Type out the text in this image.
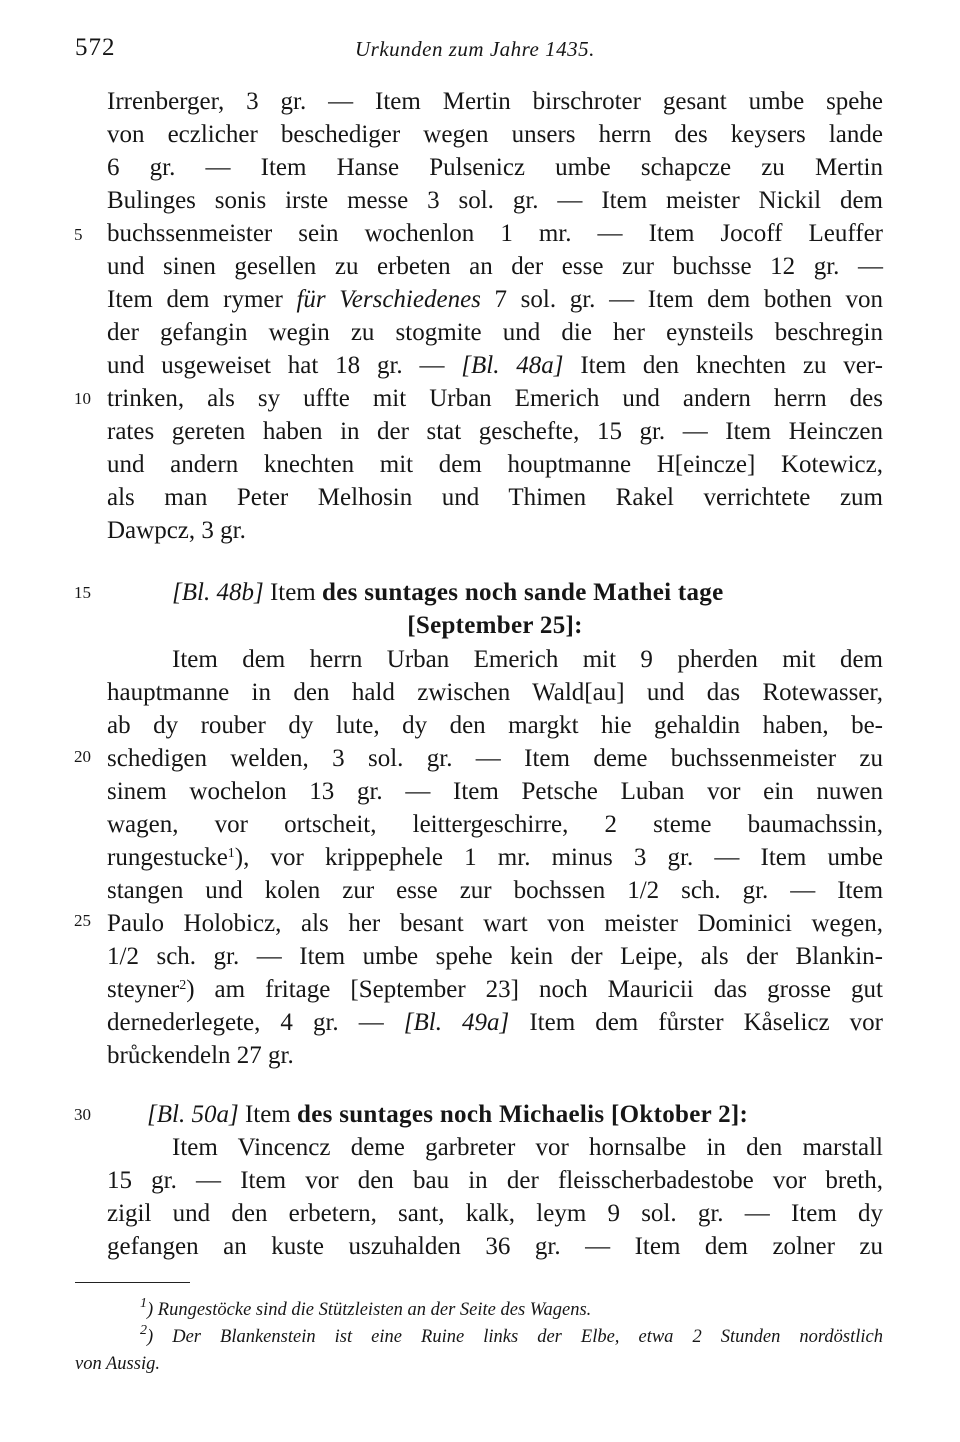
572	Urkunden zum Jahre 1435.
5
10
15
20
25
30
Irrenberger, 3 gr. — Item Mertin birschroter gesant umbe spehe
von eczlicher beschediger wegen unsers herrn des keysers lande
6 gr. — Item Hanse Pulsenicz umbe schapcze zu Mertin
Bulinges sonis irste messe 3 sol. gr. — Item meister Nickil dem
buchssenmeister sein wochenlon 1 mr. — Item Jocoff Leuffer
und sinen gesellen zu erbeten an der esse zur buchsse 12 gr. —
Item dem rymer für Verschiedenes 7 sol. gr. — Item dem bothen von
der gefangin wegin zu stogmite und die her eynsteils beschregin
und usgeweiset hat 18 gr. — [Bl. 48a] Item den knechten zu ver-
trinken, als sy uffte mit Urban Emerich und andern herrn des
rates gereten haben in der stat geschefte, 15 gr. — Item Heinczen
und andern knechten mit dem houptmanne H[eincze] Kotewicz,
als man Peter Melhosin und Thimen Rakel verrichtete zum
Dawpcz, 3 gr.
[Bl. 48b] Item des suntages noch sande Mathei tage
[September 25]:
Item dem herrn Urban Emerich mit 9 pherden mit dem
hauptmanne in den hald zwischen Wald[au] und das Rotewasser,
ab dy rouber dy lute, dy den margkt hie gehaldin haben, be-
schedigen welden, 3 sol. gr. — Item deme buchssenmeister zu
sinem wochelon 13 gr. — Item Petsche Luban vor ein nuwen
wagen, vor ortscheit, leittergeschirre, 2 steme baumachssin,
rungestucke$^1$), vor krippephele 1 mr. minus 3 gr. — Item umbe
stangen und kolen zur esse zur bochssen 1/2 sch. gr. — Item
Paulo Holobicz, als her besant wart von meister Dominici wegen,
1/2 sch. gr. — Item umbe spehe kein der Leipe, als der Blankin-
steyner$^2$) am fritage [September 23] noch Mauricii das grosse gut
dernederlegete, 4 gr. — [Bl. 49a] Item dem fůrster Kåselicz vor
brůckendeln 27 gr.
[Bl. 50a] Item des suntages noch Michaelis [Oktober 2]:
Item Vincencz deme garbreter vor hornsalbe in den marstall
15 gr. — Item vor den bau in der fleisscherbadestobe vor breth,
zigil und den erbetern, sant, kalk, leym 9 sol. gr. — Item dy
gefangen an kuste uszuhalden 36 gr. — Item dem zolner zu
$^1$) Rungestöcke sind die Stützleisten an der Seite des Wagens.
$^2$) Der Blankenstein ist eine Ruine links der Elbe, etwa 2 Stunden nordöstlich
von Aussig.
